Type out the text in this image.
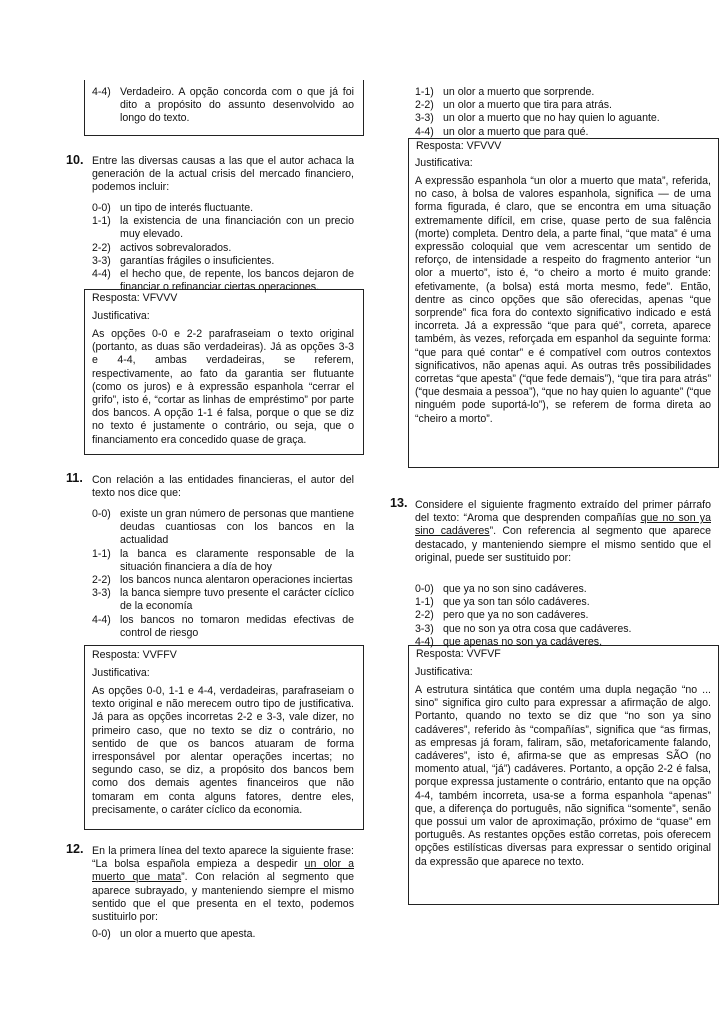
4-4) Verdadeiro. A opção concorda com o que já foi dito a propósito do assunto desenvolvido ao longo do texto.

10. Entre las diversas causas a las que el autor achaca la generación de la actual crisis del mercado financiero, podemos incluir:

0-0) un tipo de interés fluctuante.

1-1) la existencia de una financiación con un precio muy elevado.

2-2) activos sobrevalorados.

3-3) garantías frágiles o insuficientes.

4-4) el hecho que, de repente, los bancos dejaron de financiar o refinanciar ciertas operaciones.

Resposta: VFVVV
Justificativa:
As opções 0-0 e 2-2 parafraseiam o texto original (portanto, as duas são verdadeiras). Já as opções 3-3 e 4-4, ambas verdadeiras, se referem, respectivamente, ao fato da garantia ser flutuante (como os juros) e à expressão espanhola “cerrar el grifo”, isto é, “cortar as linhas de empréstimo” por parte dos bancos. A opção 1-1 é falsa, porque o que se diz no texto é justamente o contrário, ou seja, que o financiamento era concedido quase de graça.
11. Con relación a las entidades financieras, el autor del texto nos dice que:

0-0) existe un gran número de personas que mantiene deudas cuantiosas con los bancos en la actualidad

1-1) la banca es claramente responsable de la situación financiera a día de hoy

2-2) los bancos nunca alentaron operaciones inciertas

3-3) la banca siempre tuvo presente el carácter cíclico de la economía

4-4) los bancos no tomaron medidas efectivas de control de riesgo

Resposta: VVFFV
Justificativa:
As opções 0-0, 1-1 e 4-4, verdadeiras, parafraseiam o texto original e não merecem outro tipo de justificativa. Já para as opções incorretas 2-2 e 3-3, vale dizer, no primeiro caso, que no texto se diz o contrário, no sentido de que os bancos atuaram de forma irresponsável por alentar operações incertas; no segundo caso, se diz, a propósito dos bancos bem como dos demais agentes financeiros que não tomaram em conta alguns fatores, dentre eles, precisamente, o caráter cíclico da economia.
12. En la primera línea del texto aparece la siguiente frase: “La bolsa española empieza a despedir un olor a muerto que mata”. Con relación al segmento que aparece subrayado, y manteniendo siempre el mismo sentido que el que presenta en el texto, podemos sustituirlo por:

0-0) un olor a muerto que apesta.

1-1) un olor a muerto que sorprende.

2-2) un olor a muerto que tira para atrás.

3-3) un olor a muerto que no hay quien lo aguante.

4-4) un olor a muerto que para qué.

Resposta: VFVVV
Justificativa:
A expressão espanhola “un olor a muerto que mata”, referida, no caso, à bolsa de valores espanhola, significa — de uma forma figurada, é claro, que se encontra em uma situação extremamente difícil, em crise, quase perto de sua falência (morte) completa. Dentro dela, a parte final, “que mata” é uma expressão coloquial que vem acrescentar um sentido de reforço, de intensidade a respeito do fragmento anterior “un olor a muerto”, isto é, “o cheiro a morto é muito grande: efetivamente, (a bolsa) está morta mesmo, fede”. Então, dentre as cinco opções que são oferecidas, apenas “que sorprende” fica fora do contexto significativo indicado e está incorreta. Já a expressão “que para qué”, correta, aparece também, às vezes, reforçada em espanhol da seguinte forma: “que para qué contar” e é compatível com outros contextos significativos, não apenas aqui. As outras três possibilidades corretas “que apesta” (“que fede demais”), “que tira para atrás” (“que desmaia a pessoa”), “que no hay quien lo aguante” (“que ninguém pode suportá-lo”), se referem de forma direta ao “cheiro a morto”.
13. Considere el siguiente fragmento extraído del primer párrafo del texto: “Aroma que desprenden compañías que no son ya sino cadáveres”. Con referencia al segmento que aparece destacado, y manteniendo siempre el mismo sentido que el original, puede ser sustituido por:

0-0) que ya no son sino cadáveres.

1-1) que ya son tan sólo cadáveres.

2-2) pero que ya no son cadáveres.

3-3) que no son ya otra cosa que cadáveres.

4-4) que apenas no son ya cadáveres.

Resposta: VVFVF
Justificativa:
A estrutura sintática que contém uma dupla negação “no ... sino” significa giro culto para expressar a afirmação de algo. Portanto, quando no texto se diz que “no son ya sino cadáveres”, referido às “compañías”, significa que “as firmas, as empresas já foram, faliram, são, metaforicamente falando, cadáveres”, isto é, afirma-se que as empresas SÃO (no momento atual, “já”) cadáveres. Portanto, a opção 2-2 é falsa, porque expressa justamente o contrário, entanto que na opção 4-4, também incorreta, usa-se a forma espanhola “apenas” que, a diferença do português, não significa “somente”, senão que possui um valor de aproximação, próximo de “quase” em português. As restantes opções estão corretas, pois oferecem opções estilísticas diversas para expressar o sentido original da expressão que aparece no texto.
